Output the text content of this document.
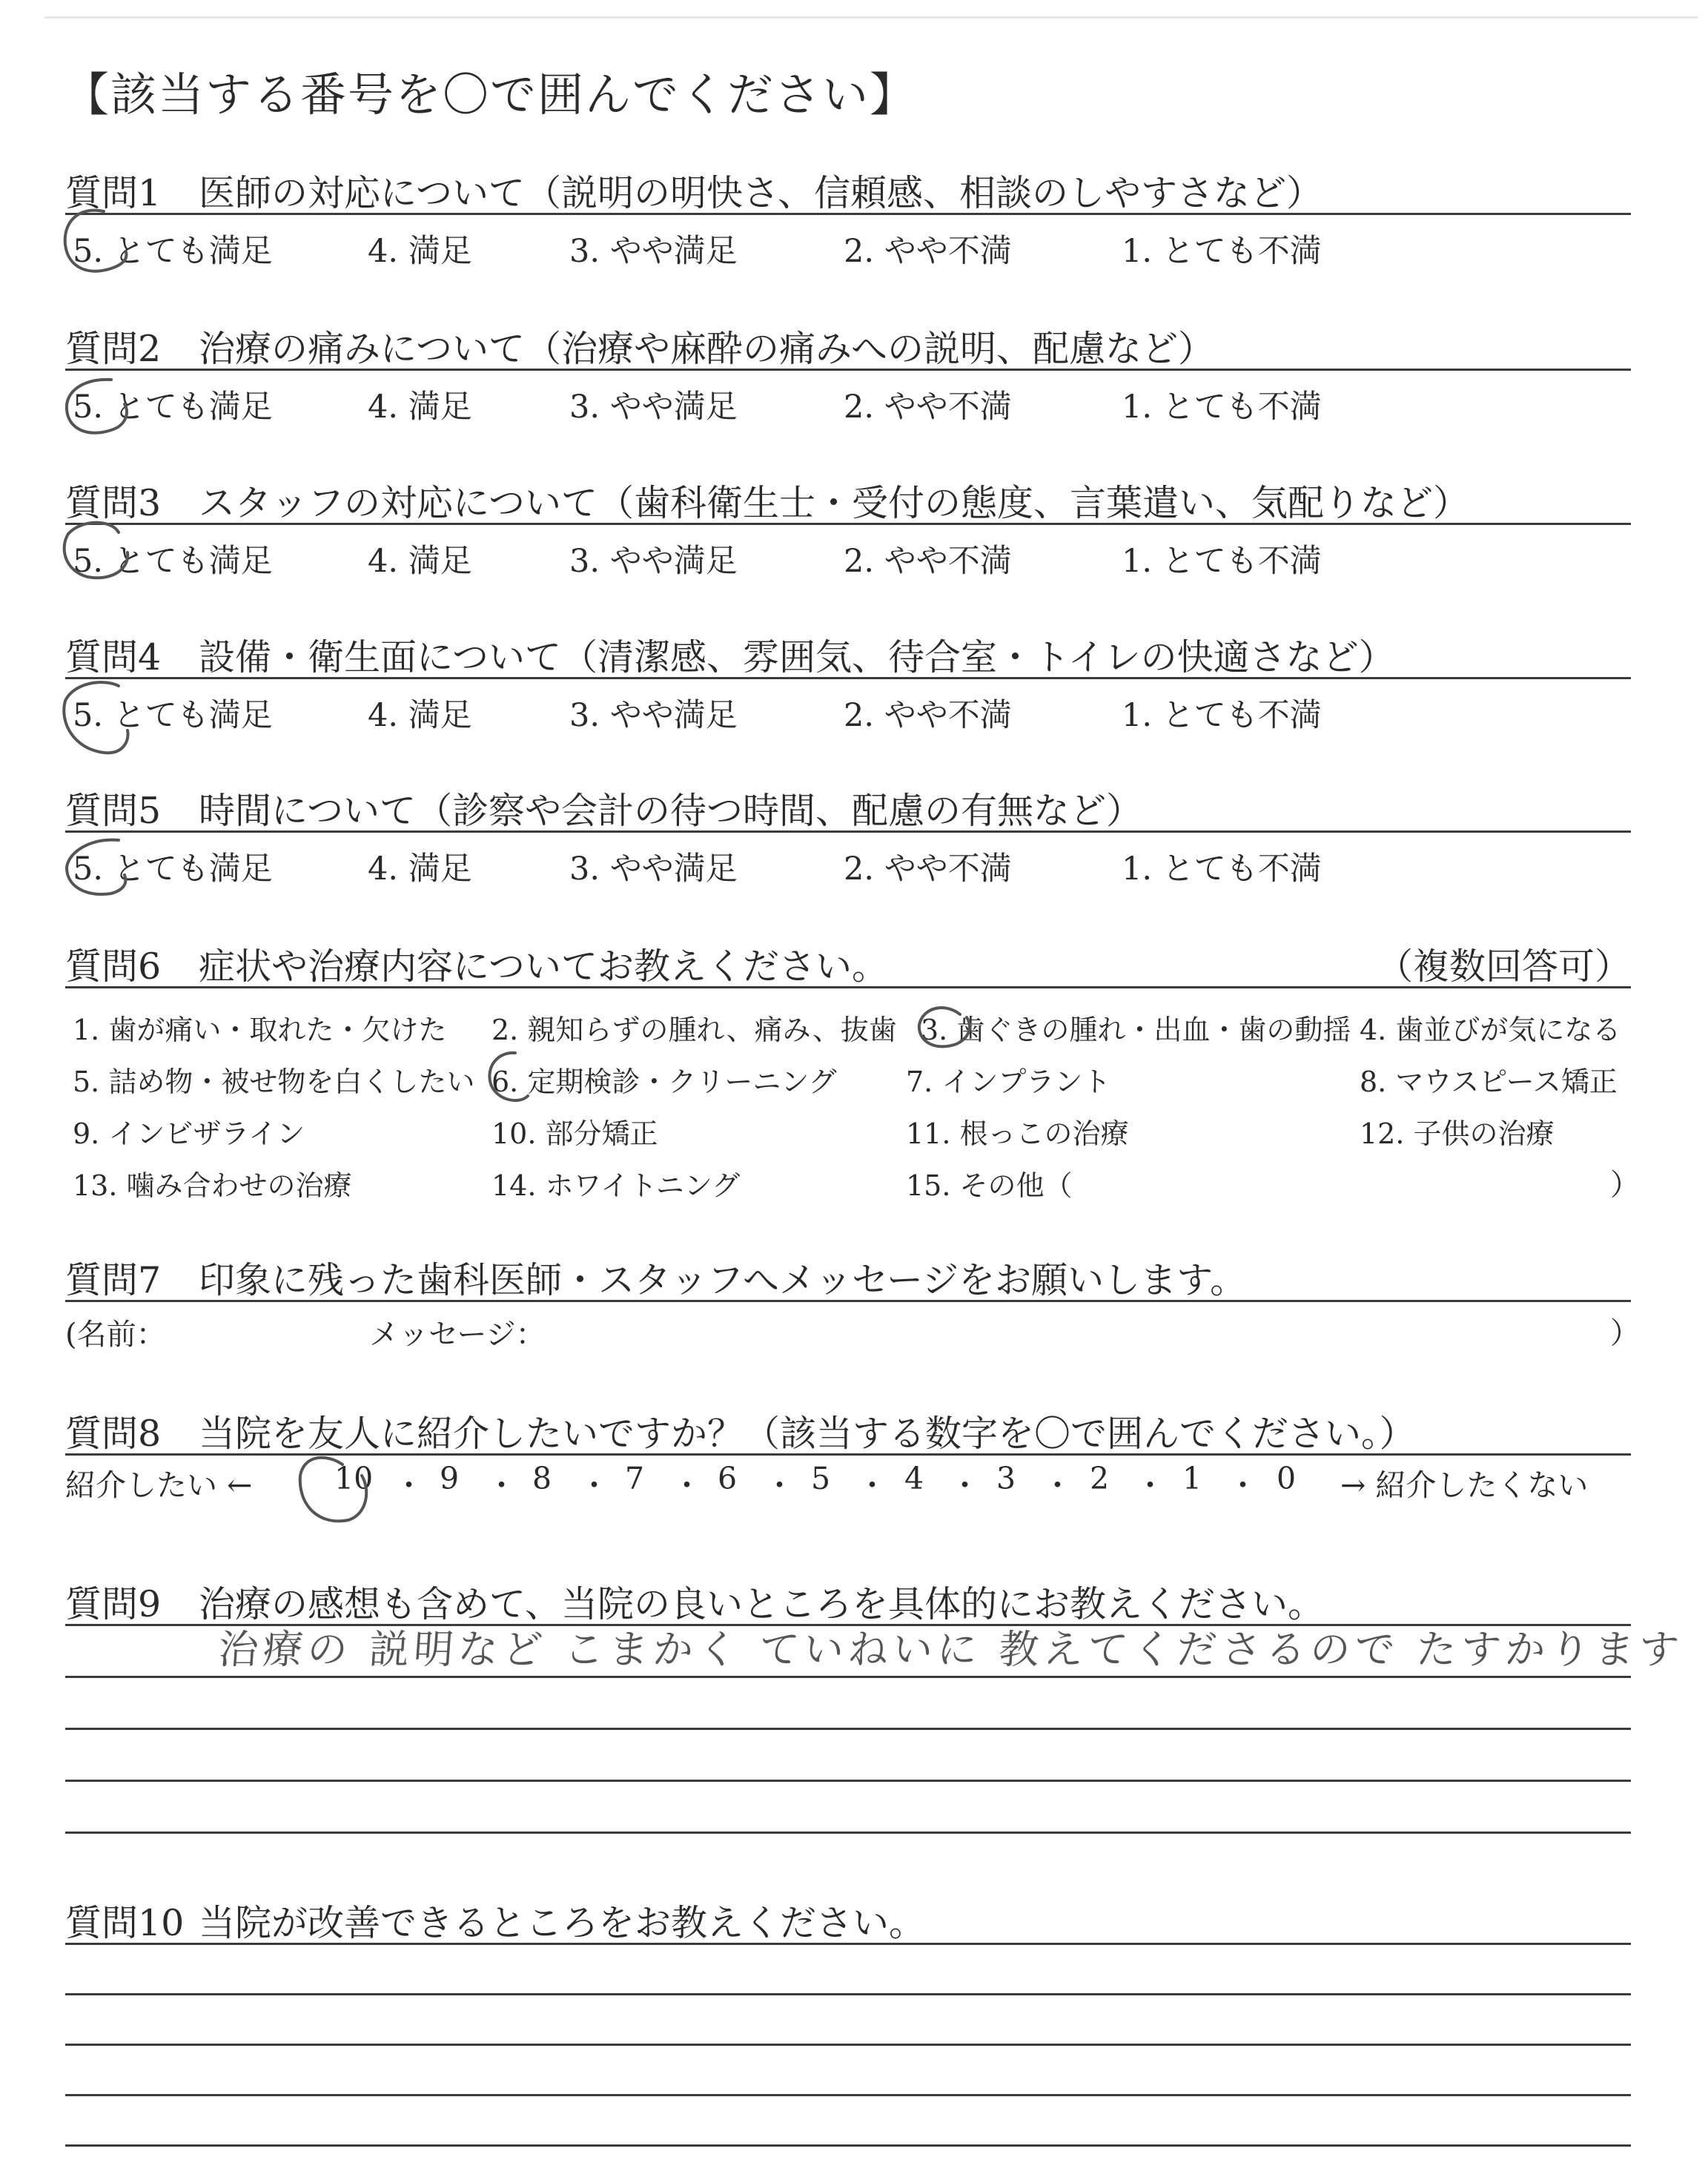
【該当する番号を〇で囲んでください】
質問1 医師の対応について（説明の明快さ、信頼感、相談のしやすさなど）
5. とても満足	4. 満足	3. やや満足	2. やや不満	1. とても不満
質問2 治療の痛みについて（治療や麻酔の痛みへの説明、配慮など）
5. とても満足	4. 満足	3. やや満足	2. やや不満	1. とても不満
質問3 スタッフの対応について（歯科衛生士・受付の態度、言葉遣い、気配りなど）
5. とても満足	4. 満足	3. やや満足	2. やや不満	1. とても不満
質問4 設備・衛生面について（清潔感、雰囲気、待合室・トイレの快適さなど）
5. とても満足	4. 満足	3. やや満足	2. やや不満	1. とても不満
質問5 時間について（診察や会計の待つ時間、配慮の有無など）
5. とても満足	4. 満足	3. やや満足	2. やや不満	1. とても不満
質問6 症状や治療内容についてお教えください。	（複数回答可）
1. 歯が痛い・取れた・欠けた 2. 親知らずの腫れ、痛み、抜歯 3. 歯ぐきの腫れ・出血・歯の動揺 4. 歯並びが気になる
5. 詰め物・被せ物を白くしたい 6. 定期検診・クリーニング 7. インプラント	8. マウスピース矯正
9. インビザライン	10. 部分矯正	11. 根っこの治療	12. 子供の治療
13. 噛み合わせの治療	14. ホワイトニング	15. その他（	）
質問7 印象に残った歯科医師・スタッフへメッセージをお願いします。
(名前：	メッセージ：	）
質問8 当院を友人に紹介したいですか？（該当する数字を〇で囲んでください。）
紹介したい ←	10 ・ 9 ・ 8 ・ 7 ・ 6 ・ 5 ・ 4 ・ 3 ・ 2 ・ 1 ・ 0 → 紹介したくない
質問9 治療の感想も含めて、当院の良いところを具体的にお教えください。
治療の 説明など こまかく ていねいに 教えてくださるので たすかります
質問10 当院が改善できるところをお教えください。
